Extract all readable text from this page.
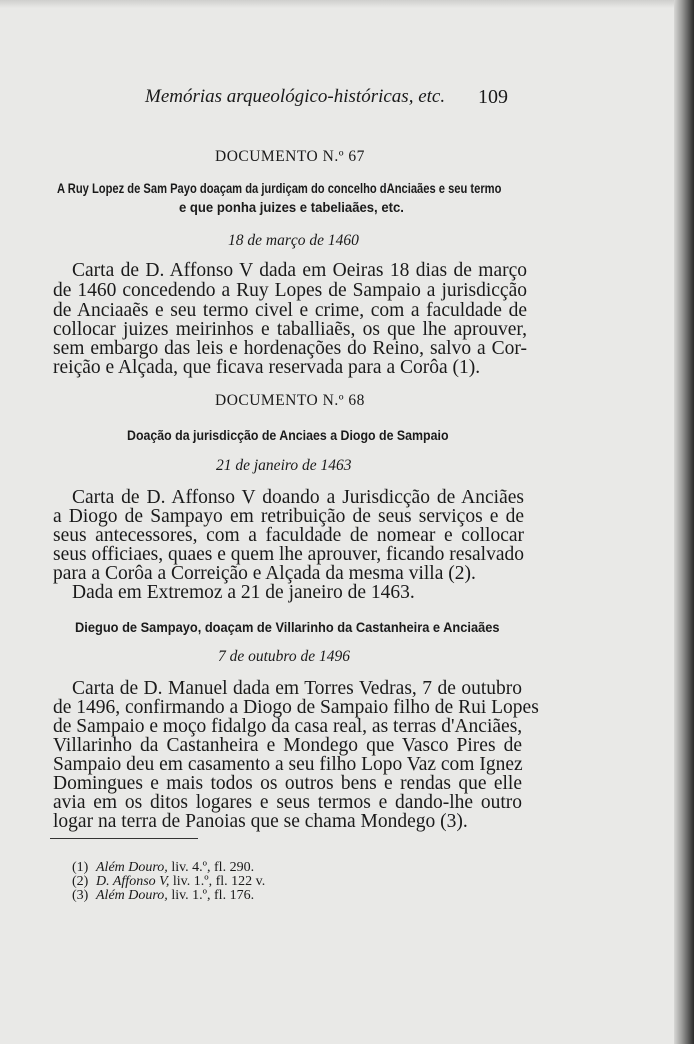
Memórias arqueológico-históricas, etc. 109
DOCUMENTO N.º 67
A Ruy Lopez de Sam Payo doaçam da jurdiçam do concelho dAnciaães e seu termo
e que ponha juizes e tabeliaães, etc.
18 de março de 1460
Carta de D. Affonso V dada em Oeiras 18 dias de março
de 1460 concedendo a Ruy Lopes de Sampaio a jurisdicção
de Anciaaẽs e seu termo civel e crime, com a faculdade de
collocar juizes meirinhos e taballiaẽs, os que lhe aprouver,
sem embargo das leis e hordenações do Reino, salvo a Cor-
reição e Alçada, que ficava reservada para a Corôa (1).
DOCUMENTO N.º 68
Doação da jurisdicção de Anciaes a Diogo de Sampaio
21 de janeiro de 1463
Carta de D. Affonso V doando a Jurisdicção de Anciães
a Diogo de Sampayo em retribuição de seus serviços e de
seus antecessores, com a faculdade de nomear e collocar
seus officiaes, quaes e quem lhe aprouver, ficando resalvado
para a Corôa a Correição e Alçada da mesma villa (2).
Dada em Extremoz a 21 de janeiro de 1463.
Dieguo de Sampayo, doaçam de Villarinho da Castanheira e Anciaães
7 de outubro de 1496
Carta de D. Manuel dada em Torres Vedras, 7 de outubro
de 1496, confirmando a Diogo de Sampaio filho de Rui Lopes
de Sampaio e moço fidalgo da casa real, as terras d'Anciães,
Villarinho da Castanheira e Mondego que Vasco Pires de
Sampaio deu em casamento a seu filho Lopo Vaz com Ignez
Domingues e mais todos os outros bens e rendas que elle
avia em os ditos logares e seus termos e dando-lhe outro
logar na terra de Panoias que se chama Mondego (3).
(1) Além Douro, liv. 4.º, fl. 290.
(2) D. Affonso V, liv. 1.º, fl. 122 v.
(3) Além Douro, liv. 1.º, fl. 176.
